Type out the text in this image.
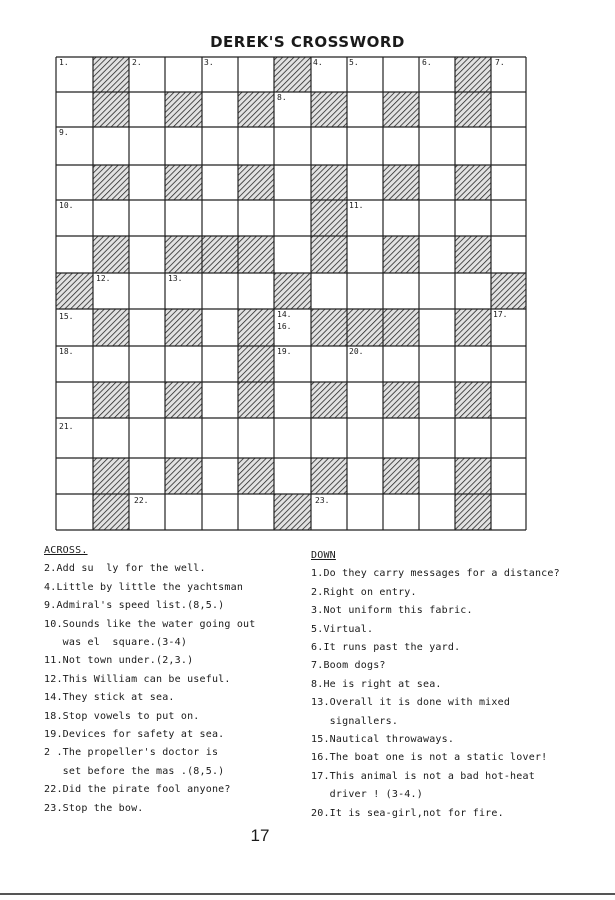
DEREK'S CROSSWORD
1.	2.	3.	4.	5.	6.	7.
8.
9.
10.	11.
12.	13.
14.
15.
16.
17.
18.	19.	20.
21.
22.	23.
ACROSS.
2.Add su  ly for the well.
4.Little by little the yachtsman
9.Admiral's speed list.(8,5.)
10.Sounds like the water going out
was el  square.(3-4)
11.Not town under.(2,3.)
12.This William can be useful.
14.They stick at sea.
18.Stop vowels to put on.
19.Devices for safety at sea.
2 .The propeller's doctor is
set before the mas .(8,5.)
22.Did the pirate fool anyone?
23.Stop the bow.
DOWN
1.Do they carry messages for a distance?
2.Right on entry.
3.Not uniform this fabric.
5.Virtual.
6.It runs past the yard.
7.Boom dogs?
8.He is right at sea.
13.Overall it is done with mixed
signallers.
15.Nautical throwaways.
16.The boat one is not a static lover!
17.This animal is not a bad hot-heat
driver ! (3-4.)
20.It is sea-girl,not for fire.
17
